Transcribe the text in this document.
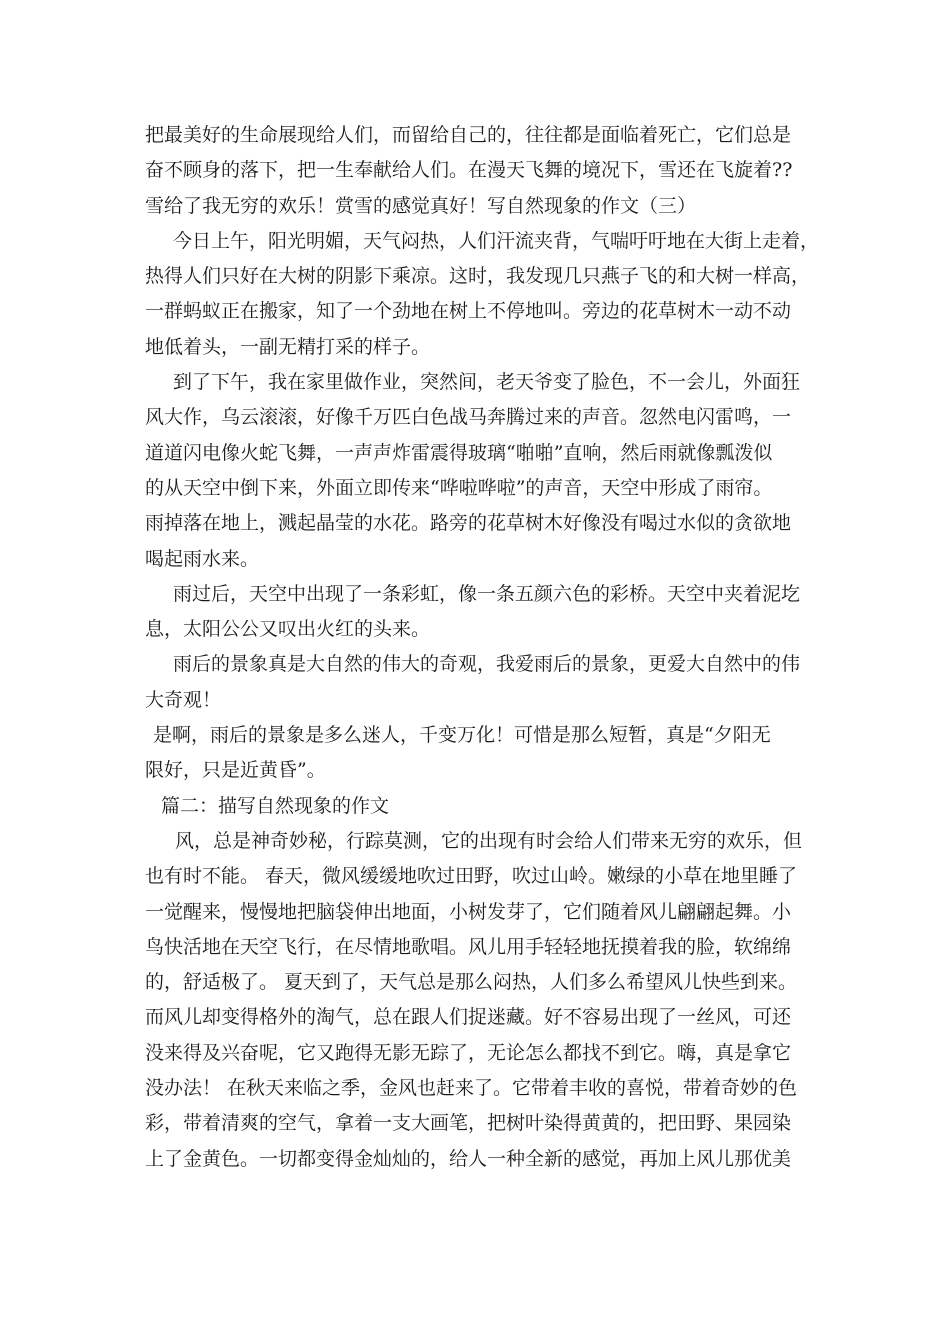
把最美好的生命展现给人们，而留给自己的，往往都是面临着死亡，它们总是
奋不顾身的落下，把一生奉献给人们。在漫天飞舞的境况下，雪还在飞旋着??
雪给了我无穷的欢乐！赏雪的感觉真好！写自然现象的作文（三）
今日上午，阳光明媚，天气闷热，人们汗流夹背，气喘吁吁地在大街上走着，
热得人们只好在大树的阴影下乘凉。这时，我发现几只燕子飞的和大树一样高，
一群蚂蚁正在搬家，知了一个劲地在树上不停地叫。旁边的花草树木一动不动
地低着头，一副无精打采的样子。
到了下午，我在家里做作业，突然间，老天爷变了脸色，不一会儿，外面狂
风大作，乌云滚滚，好像千万匹白色战马奔腾过来的声音。忽然电闪雷鸣，一
道道闪电像火蛇飞舞，一声声炸雷震得玻璃“啪啪”直响，然后雨就像瓢泼似
的从天空中倒下来，外面立即传来“哗啦哗啦”的声音，天空中形成了雨帘。
雨掉落在地上，溅起晶莹的水花。路旁的花草树木好像没有喝过水似的贪欲地
喝起雨水来。
雨过后，天空中出现了一条彩虹，像一条五颜六色的彩桥。天空中夹着泥圪
息，太阳公公又叹出火红的头来。
雨后的景象真是大自然的伟大的奇观，我爱雨后的景象，更爱大自然中的伟
大奇观！
是啊，雨后的景象是多么迷人，千变万化！可惜是那么短暂，真是“夕阳无
限好，只是近黄昏”。
篇二：描写自然现象的作文
风，总是神奇妙秘，行踪莫测，它的出现有时会给人们带来无穷的欢乐，但
也有时不能。 春天，微风缓缓地吹过田野，吹过山岭。嫩绿的小草在地里睡了
一觉醒来，慢慢地把脑袋伸出地面，小树发芽了，它们随着风儿翩翩起舞。小
鸟快活地在天空飞行，在尽情地歌唱。风儿用手轻轻地抚摸着我的脸，软绵绵
的，舒适极了。 夏天到了，天气总是那么闷热，人们多么希望风儿快些到来。
而风儿却变得格外的淘气，总在跟人们捉迷藏。好不容易出现了一丝风，可还
没来得及兴奋呢，它又跑得无影无踪了，无论怎么都找不到它。嗨，真是拿它
没办法！ 在秋天来临之季，金风也赶来了。它带着丰收的喜悦，带着奇妙的色
彩，带着清爽的空气，拿着一支大画笔，把树叶染得黄黄的，把田野、果园染
上了金黄色。一切都变得金灿灿的，给人一种全新的感觉，再加上风儿那优美
